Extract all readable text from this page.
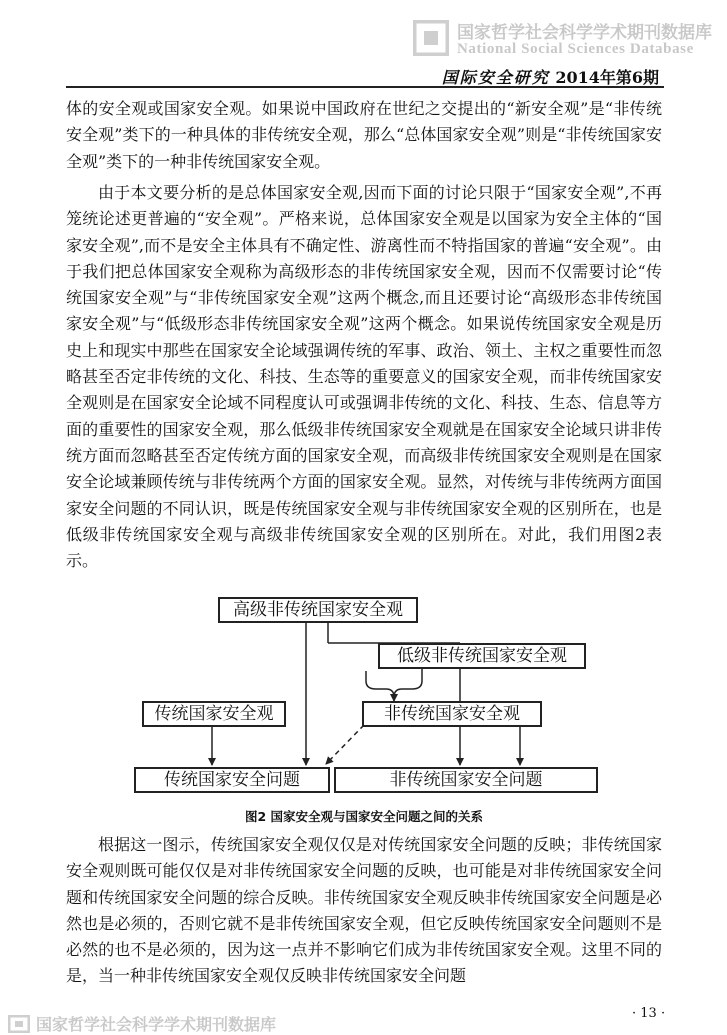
国家哲学社会科学学术期刊数据库
National Social Sciences Database
国际安全研究 2014年第6期

体的安全观或国家安全观。如果说中国政府在世纪之交提出的“新安全观”是“非传统安全观”类下的一种具体的非传统安全观，那么“总体国家安全观”则是“非传统国家安全观”类下的一种非传统国家安全观。

由于本文要分析的是总体国家安全观,因而下面的讨论只限于“国家安全观”,不再笼统论述更普遍的“安全观”。严格来说，总体国家安全观是以国家为安全主体的“国家安全观”,而不是安全主体具有不确定性、游离性而不特指国家的普遍“安全观”。由于我们把总体国家安全观称为高级形态的非传统国家安全观，因而不仅需要讨论“传统国家安全观”与“非传统国家安全观”这两个概念,而且还要讨论“高级形态非传统国家安全观”与“低级形态非传统国家安全观”这两个概念。如果说传统国家安全观是历史上和现实中那些在国家安全论域强调传统的军事、政治、领土、主权之重要性而忽略甚至否定非传统的文化、科技、生态等的重要意义的国家安全观，而非传统国家安全观则是在国家安全论域不同程度认可或强调非传统的文化、科技、生态、信息等方面的重要性的国家安全观，那么低级非传统国家安全观就是在国家安全论域只讲非传统方面而忽略甚至否定传统方面的国家安全观，而高级非传统国家安全观则是在国家安全论域兼顾传统与非传统两个方面的国家安全观。显然，对传统与非传统两方面国家安全问题的不同认识，既是传统国家安全观与非传统国家安全观的区别所在，也是低级非传统国家安全观与高级非传统国家安全观的区别所在。对此，我们用图2表示。

高级非传统国家安全观
低级非传统国家安全观
传统国家安全观	非传统国家安全观
传统国家安全问题	非传统国家安全问题
图2 国家安全观与国家安全问题之间的关系

根据这一图示，传统国家安全观仅仅是对传统国家安全问题的反映；非传统国家安全观则既可能仅仅是对非传统国家安全问题的反映，也可能是对非传统国家安全问题和传统国家安全问题的综合反映。非传统国家安全观反映非传统国家安全问题是必然也是必须的，否则它就不是非传统国家安全观，但它反映传统国家安全问题则不是必然的也不是必须的，因为这一点并不影响它们成为非传统国家安全观。这里不同的是，当一种非传统国家安全观仅反映非传统国家安全问题

· 13 ·
国家哲学社会科学学术期刊数据库
